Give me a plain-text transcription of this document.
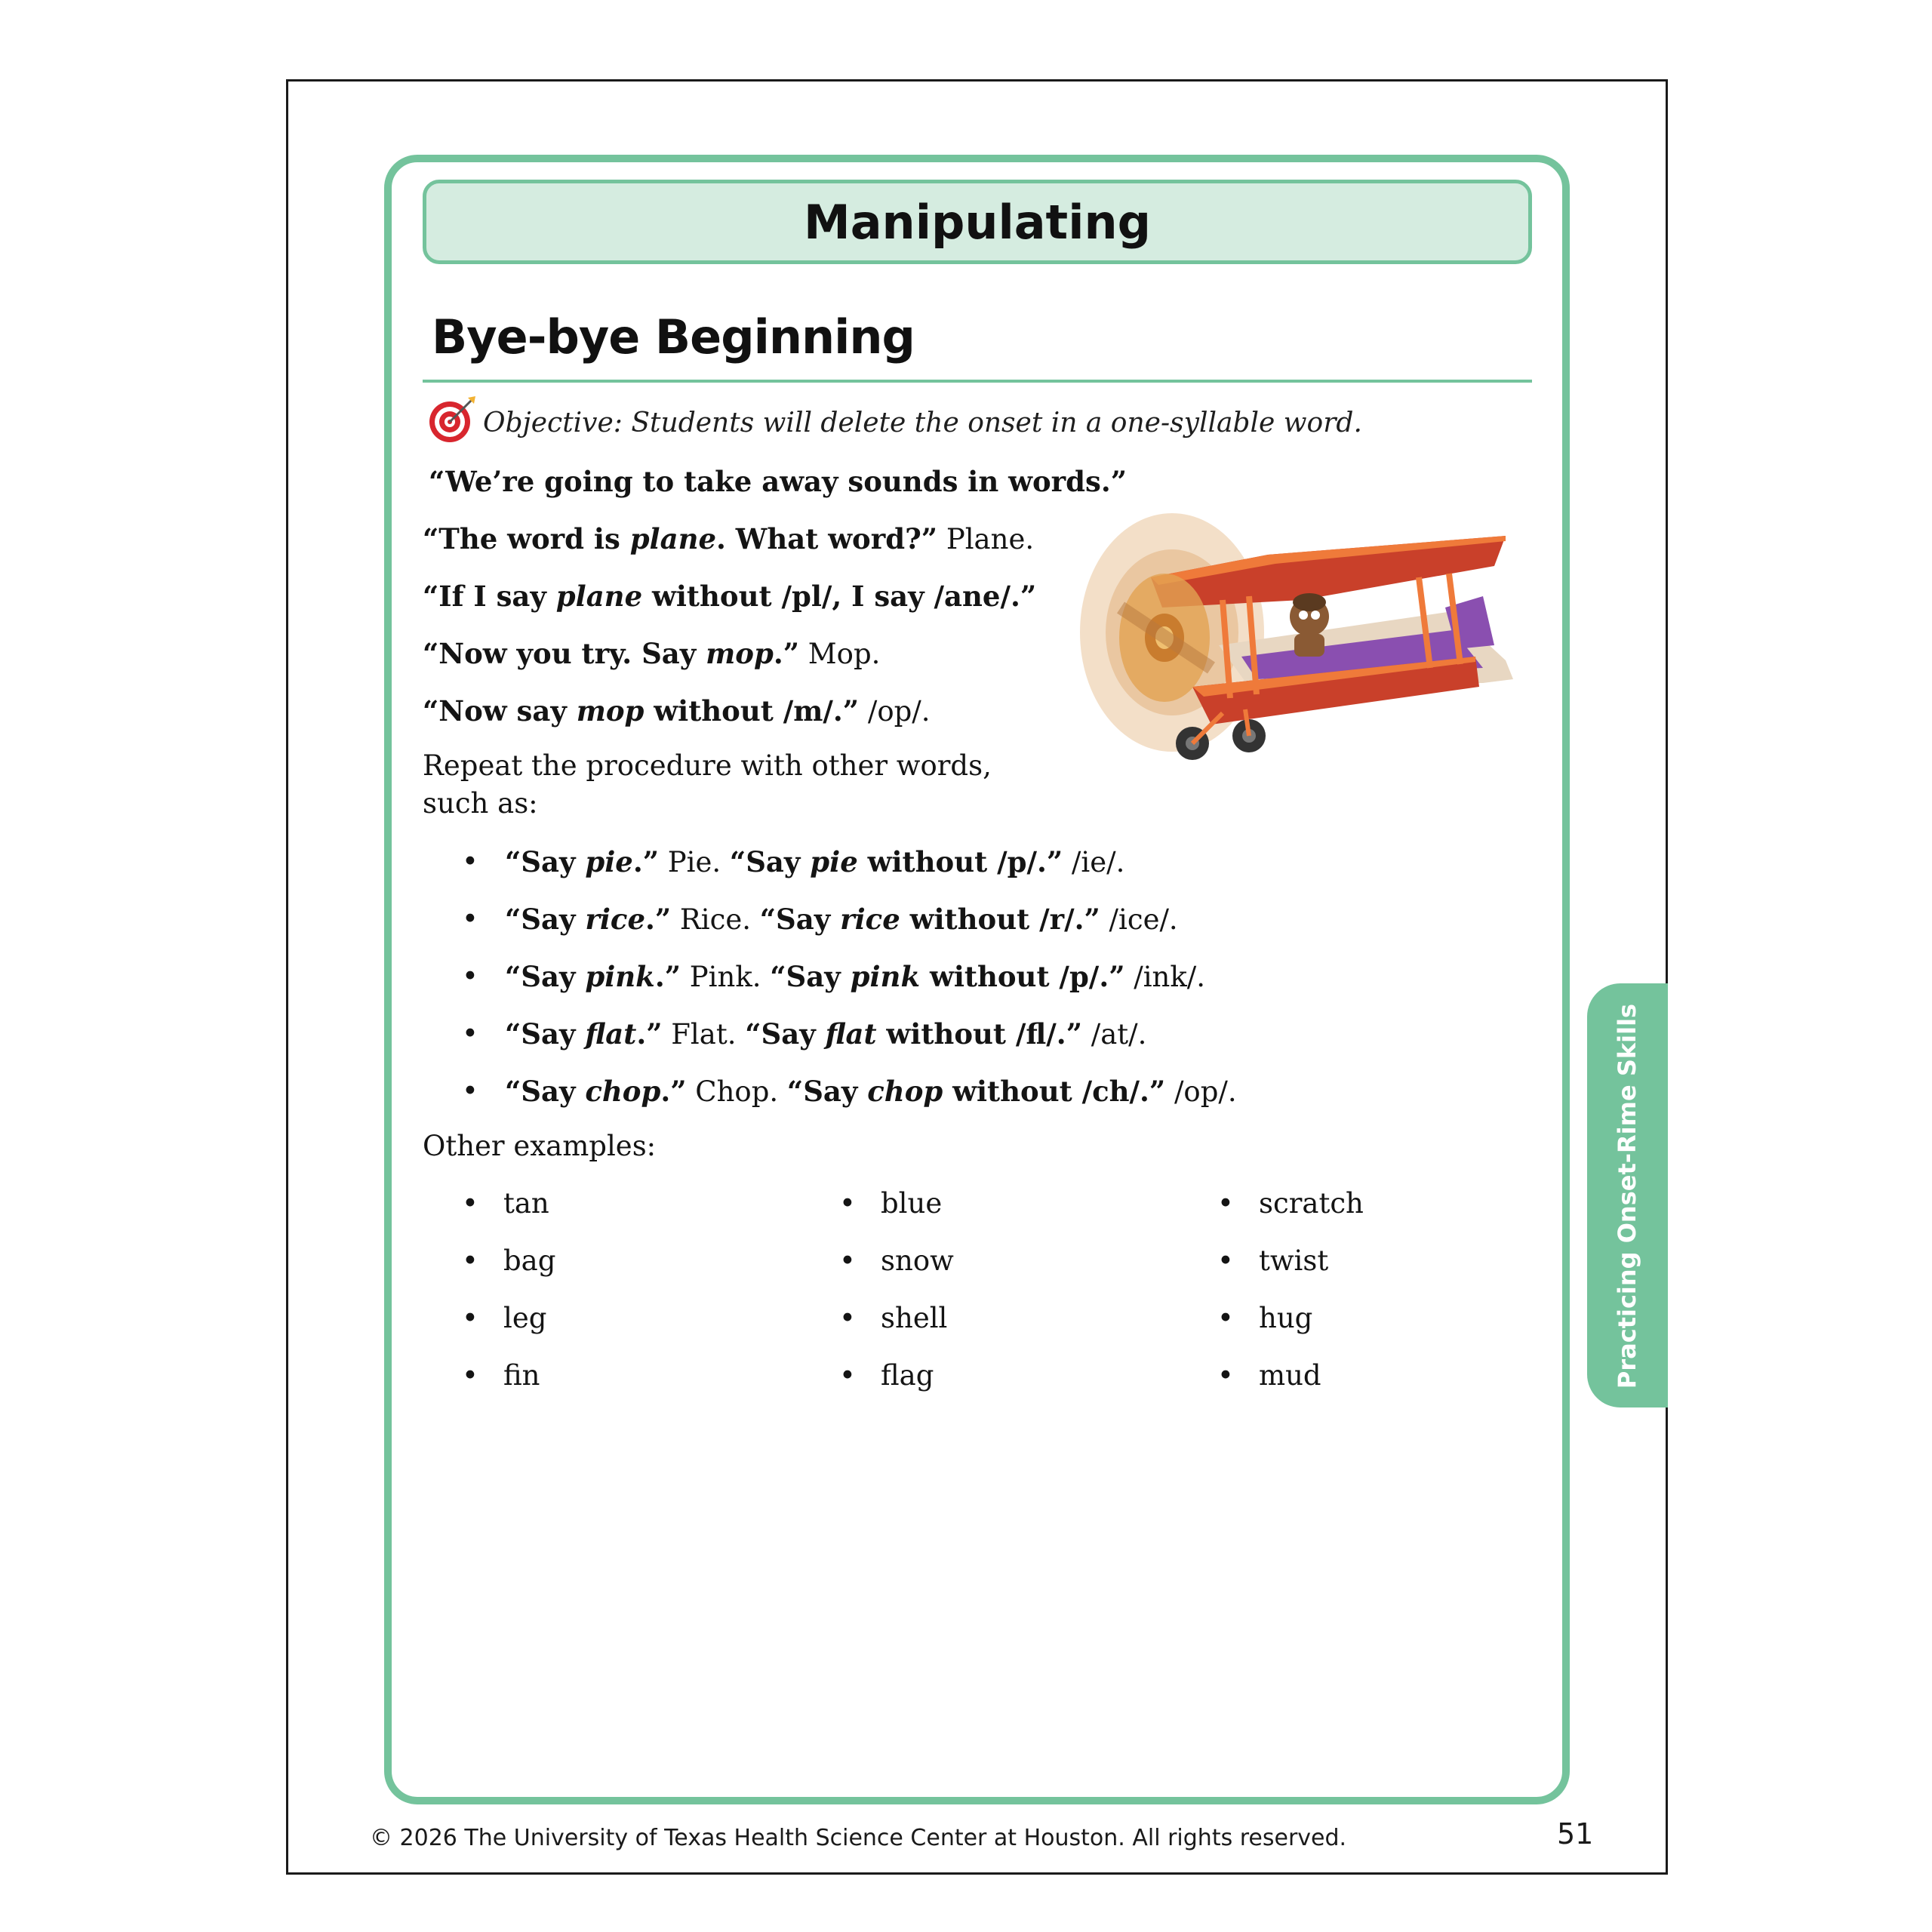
Manipulating
Bye-bye Beginning
Objective: Students will delete the onset in a one-syllable word.
“We’re going to take away sounds in words.”
“The word is plane. What word?” Plane.
“If I say plane without /pl/, I say /ane/.”
“Now you try. Say mop.” Mop.
“Now say mop without /m/.” /op/.
Repeat the procedure with other words, such as:
• “Say pie.” Pie. “Say pie without /p/.” /ie/.
• “Say rice.” Rice. “Say rice without /r/.” /ice/.
• “Say pink.” Pink. “Say pink without /p/.” /ink/.
• “Say flat.” Flat. “Say flat without /fl/.” /at/.
• “Say chop.” Chop. “Say chop without /ch/.” /op/.
Other examples:
• tan
• bag
• leg
• fin
• blue
• snow
• shell
• flag
• scratch
• twist
• hug
• mud	Practicing Onset-Rime Skills
© 2026 The University of Texas Health Science Center at Houston. All rights reserved.	51
